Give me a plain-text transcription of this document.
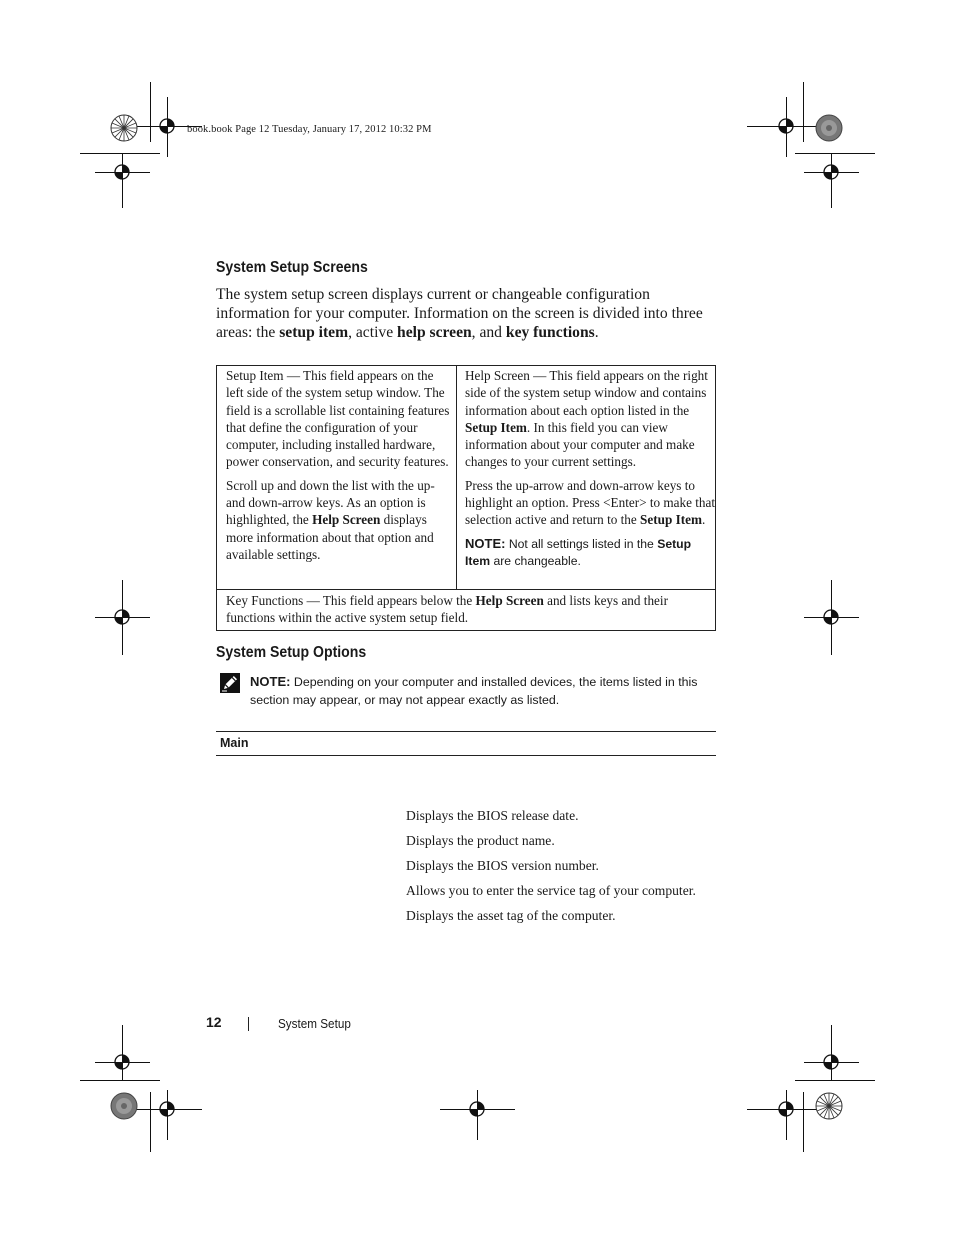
book.book Page 12 Tuesday, January 17, 2012 10:32 PM
System Setup Screens

The system setup screen displays current or changeable configuration information for your computer. Information on the screen is divided into three areas: the setup item, active help screen, and key functions.

Setup Item — This field appears on the left side of the system setup window. The field is a scrollable list containing features that define the configuration of your computer, including installed hardware, power conservation, and security features.

Scroll up and down the list with the up- and down-arrow keys. As an option is highlighted, the Help Screen displays more information about that option and available settings.

Help Screen — This field appears on the right side of the system setup window and contains information about each option listed in the Setup Item. In this field you can view information about your computer and make changes to your current settings.

Press the up-arrow and down-arrow keys to highlight an option. Press <Enter> to make that selection active and return to the Setup Item.

NOTE: Not all settings listed in the Setup Item are changeable.

Key Functions — This field appears below the Help Screen and lists keys and their functions within the active system setup field.

System Setup Options
NOTE: Depending on your computer and installed devices, the items listed in this section may appear, or may not appear exactly as listed.
Main
Displays the BIOS release date.
Displays the product name.
Displays the BIOS version number.
Allows you to enter the service tag of your computer.
Displays the asset tag of the computer.
12	System Setup
